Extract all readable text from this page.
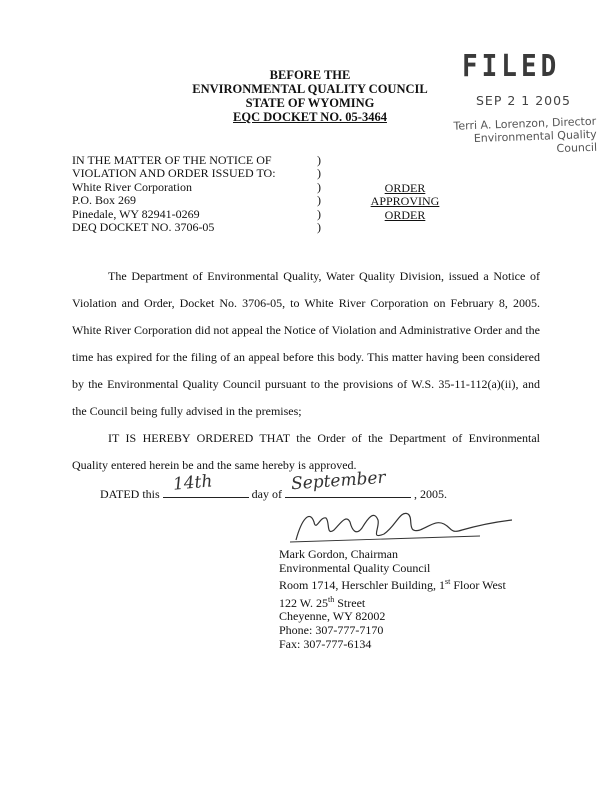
BEFORE THE
ENVIRONMENTAL QUALITY COUNCIL
STATE OF WYOMING
EQC DOCKET NO. 05-3464
FILED
SEP 2 1 2005
Terri A. Lorenzon, Director
Environmental Quality Council
IN THE MATTER OF THE NOTICE OF
VIOLATION AND ORDER ISSUED TO:
White River Corporation
P.O. Box 269
Pinedale, WY 82941-0269
DEQ DOCKET NO. 3706-05
)
)
)
)
)
)
ORDER APPROVING
ORDER

The Department of Environmental Quality, Water Quality Division, issued a Notice of Violation and Order, Docket No. 3706-05, to White River Corporation on February 8, 2005. White River Corporation did not appeal the Notice of Violation and Administrative Order and the time has expired for the filing of an appeal before this body. This matter having been considered by the Environmental Quality Council pursuant to the provisions of W.S. 35-11-112(a)(ii), and the Council being fully advised in the premises;

IT IS HEREBY ORDERED THAT the Order of the Department of Environmental Quality entered herein be and the same hereby is approved.

DATED this 14th	day of September , 2005.
Mark Gordon, Chairman
Environmental Quality Council
Room 1714, Herschler Building, 1st Floor West
122 W. 25th Street
Cheyenne, WY 82002
Phone: 307-777-7170
Fax: 307-777-6134
